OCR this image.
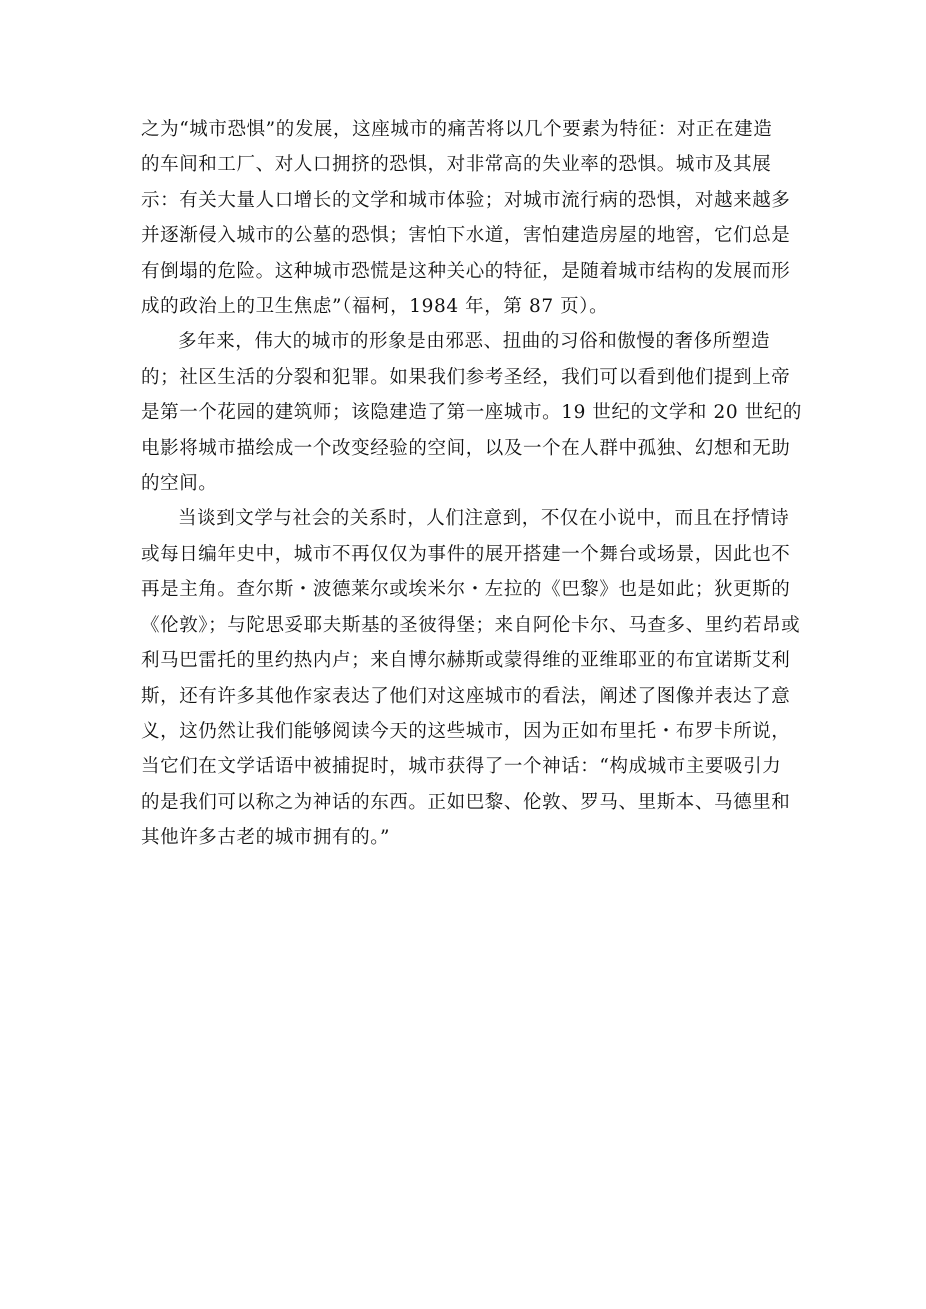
之为“城市恐惧”的发展，这座城市的痛苦将以几个要素为特征：对正在建造
的车间和工厂、对人口拥挤的恐惧，对非常高的失业率的恐惧。城市及其展
示：有关大量人口增长的文学和城市体验；对城市流行病的恐惧，对越来越多
并逐渐侵入城市的公墓的恐惧；害怕下水道，害怕建造房屋的地窖，它们总是
有倒塌的危险。这种城市恐慌是这种关心的特征，是随着城市结构的发展而形
成的政治上的卫生焦虑”（福柯，1984 年，第 87 页）。
多年来，伟大的城市的形象是由邪恶、扭曲的习俗和傲慢的奢侈所塑造
的；社区生活的分裂和犯罪。如果我们参考圣经，我们可以看到他们提到上帝
是第一个花园的建筑师；该隐建造了第一座城市。19 世纪的文学和 20 世纪的
电影将城市描绘成一个改变经验的空间，以及一个在人群中孤独、幻想和无助
的空间。
当谈到文学与社会的关系时，人们注意到，不仅在小说中，而且在抒情诗
或每日编年史中，城市不再仅仅为事件的展开搭建一个舞台或场景，因此也不
再是主角。查尔斯・波德莱尔或埃米尔・左拉的《巴黎》也是如此；狄更斯的
《伦敦》；与陀思妥耶夫斯基的圣彼得堡；来自阿伦卡尔、马查多、里约若昂或
利马巴雷托的里约热内卢；来自博尔赫斯或蒙得维的亚维耶亚的布宜诺斯艾利
斯，还有许多其他作家表达了他们对这座城市的看法，阐述了图像并表达了意
义，这仍然让我们能够阅读今天的这些城市，因为正如布里托・布罗卡所说，
当它们在文学话语中被捕捉时，城市获得了一个神话：“构成城市主要吸引力
的是我们可以称之为神话的东西。正如巴黎、伦敦、罗马、里斯本、马德里和
其他许多古老的城市拥有的。”
